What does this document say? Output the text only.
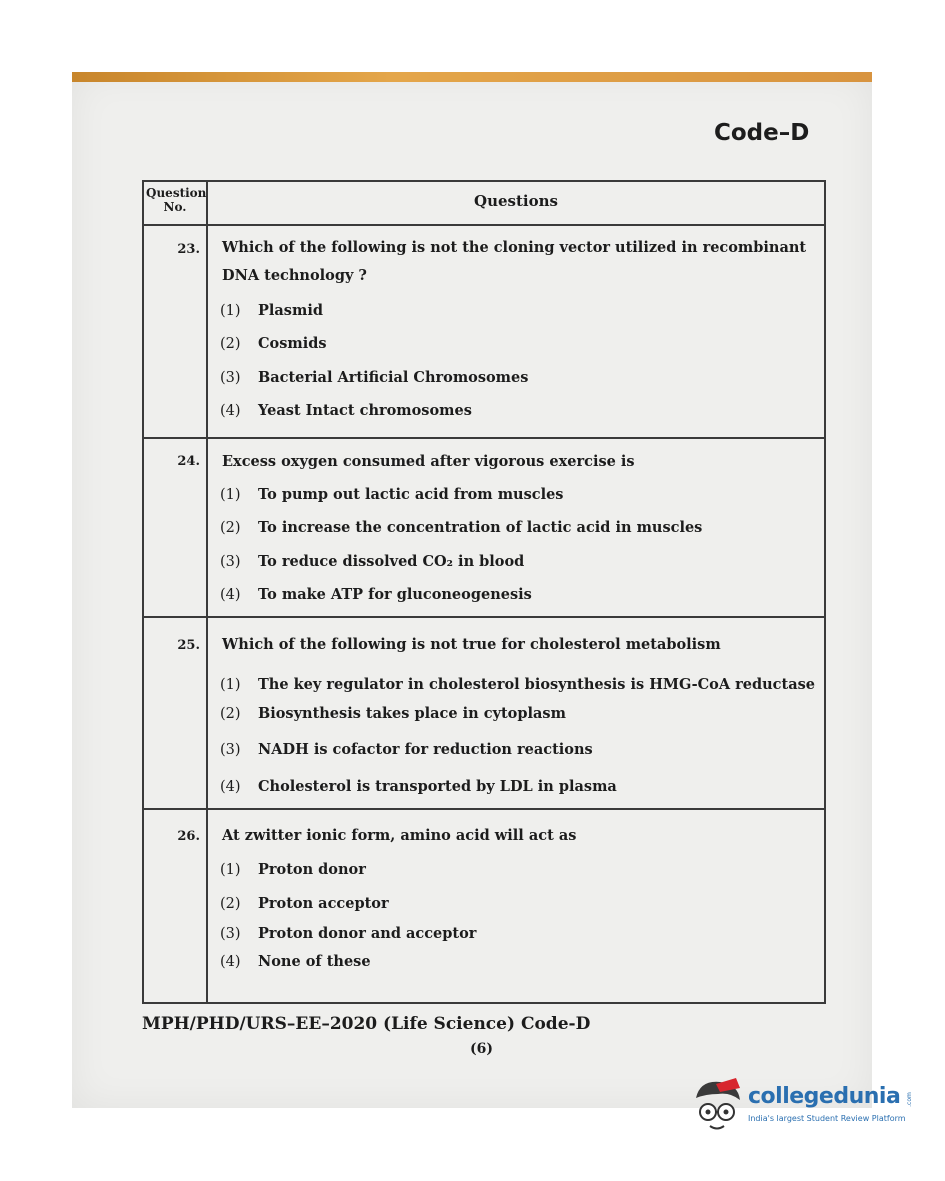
Code–D
Question No.	Questions
23. Which of the following is not the cloning vector utilized in recombinant DNA technology ?
(1) Plasmid
(2) Cosmids
(3) Bacterial Artificial Chromosomes
(4) Yeast Intact chromosomes
24. Excess oxygen consumed after vigorous exercise is
(1) To pump out lactic acid from muscles
(2) To increase the concentration of lactic acid in muscles
(3) To reduce dissolved CO₂ in blood
(4) To make ATP for gluconeogenesis
25. Which of the following is not true for cholesterol metabolism
(1) The key regulator in cholesterol biosynthesis is HMG-CoA reductase
(2) Biosynthesis takes place in cytoplasm
(3) NADH is cofactor for reduction reactions
(4) Cholesterol is transported by LDL in plasma
26. At zwitter ionic form, amino acid will act as
(1) Proton donor
(2) Proton acceptor
(3) Proton donor and acceptor
(4) None of these
MPH/PHD/URS–EE–2020 (Life Science) Code-D
(6)
collegedunia .com
India's largest Student Review Platform
